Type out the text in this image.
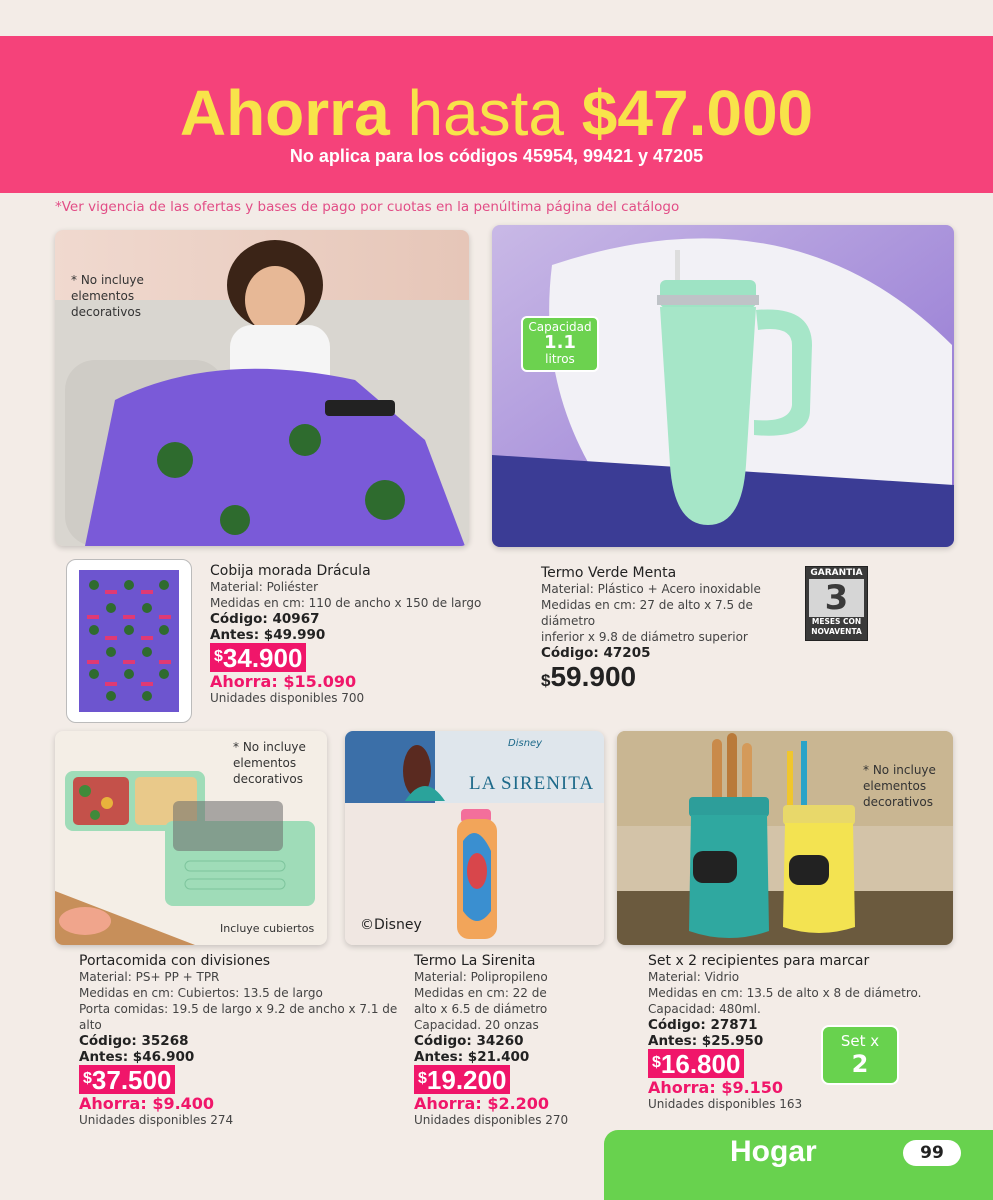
Ahorra hasta $47.000
No aplica para los códigos 45954, 99421 y 47205
*Ver vigencia de las ofertas y bases de pago por cuotas en la penúltima página del catálogo
* No incluye elementos decorativos
Capacidad
1.1
litros
Cobija morada Drácula
Material: Poliéster
Medidas en cm: 110 de ancho x 150 de largo
Código: 40967
Antes: $49.990
$34.900
Ahorra: $15.090
Unidades disponibles 700
Termo Verde Menta
Material: Plástico + Acero inoxidable
Medidas en cm: 27 de alto x 7.5 de diámetro
inferior x 9.8 de diámetro superior
Código: 47205
$59.900
GARANTIA
3
MESES CON
NOVAVENTA
* No incluye elementos decorativos
Incluye cubiertos
Disney
LA SIRENITA
©Disney
* No incluye elementos decorativos
Portacomida con divisiones
Material: PS+ PP + TPR
Medidas en cm: Cubiertos: 13.5 de largo
Porta comidas: 19.5 de largo x 9.2 de ancho x 7.1 de alto
Código: 35268
Antes: $46.900
$37.500
Ahorra: $9.400
Unidades disponibles 274
Termo La Sirenita
Material: Polipropileno
Medidas en cm: 22 de
alto x 6.5 de diámetro
Capacidad. 20 onzas
Código: 34260
Antes: $21.400
$19.200
Ahorra: $2.200
Unidades disponibles 270
Set x 2 recipientes para marcar
Material: Vidrio
Medidas en cm: 13.5 de alto x 8 de diámetro.
Capacidad: 480ml.
Código: 27871
Antes: $25.950
$16.800
Ahorra: $9.150
Unidades disponibles 163
Set x
2
Hogar	99
